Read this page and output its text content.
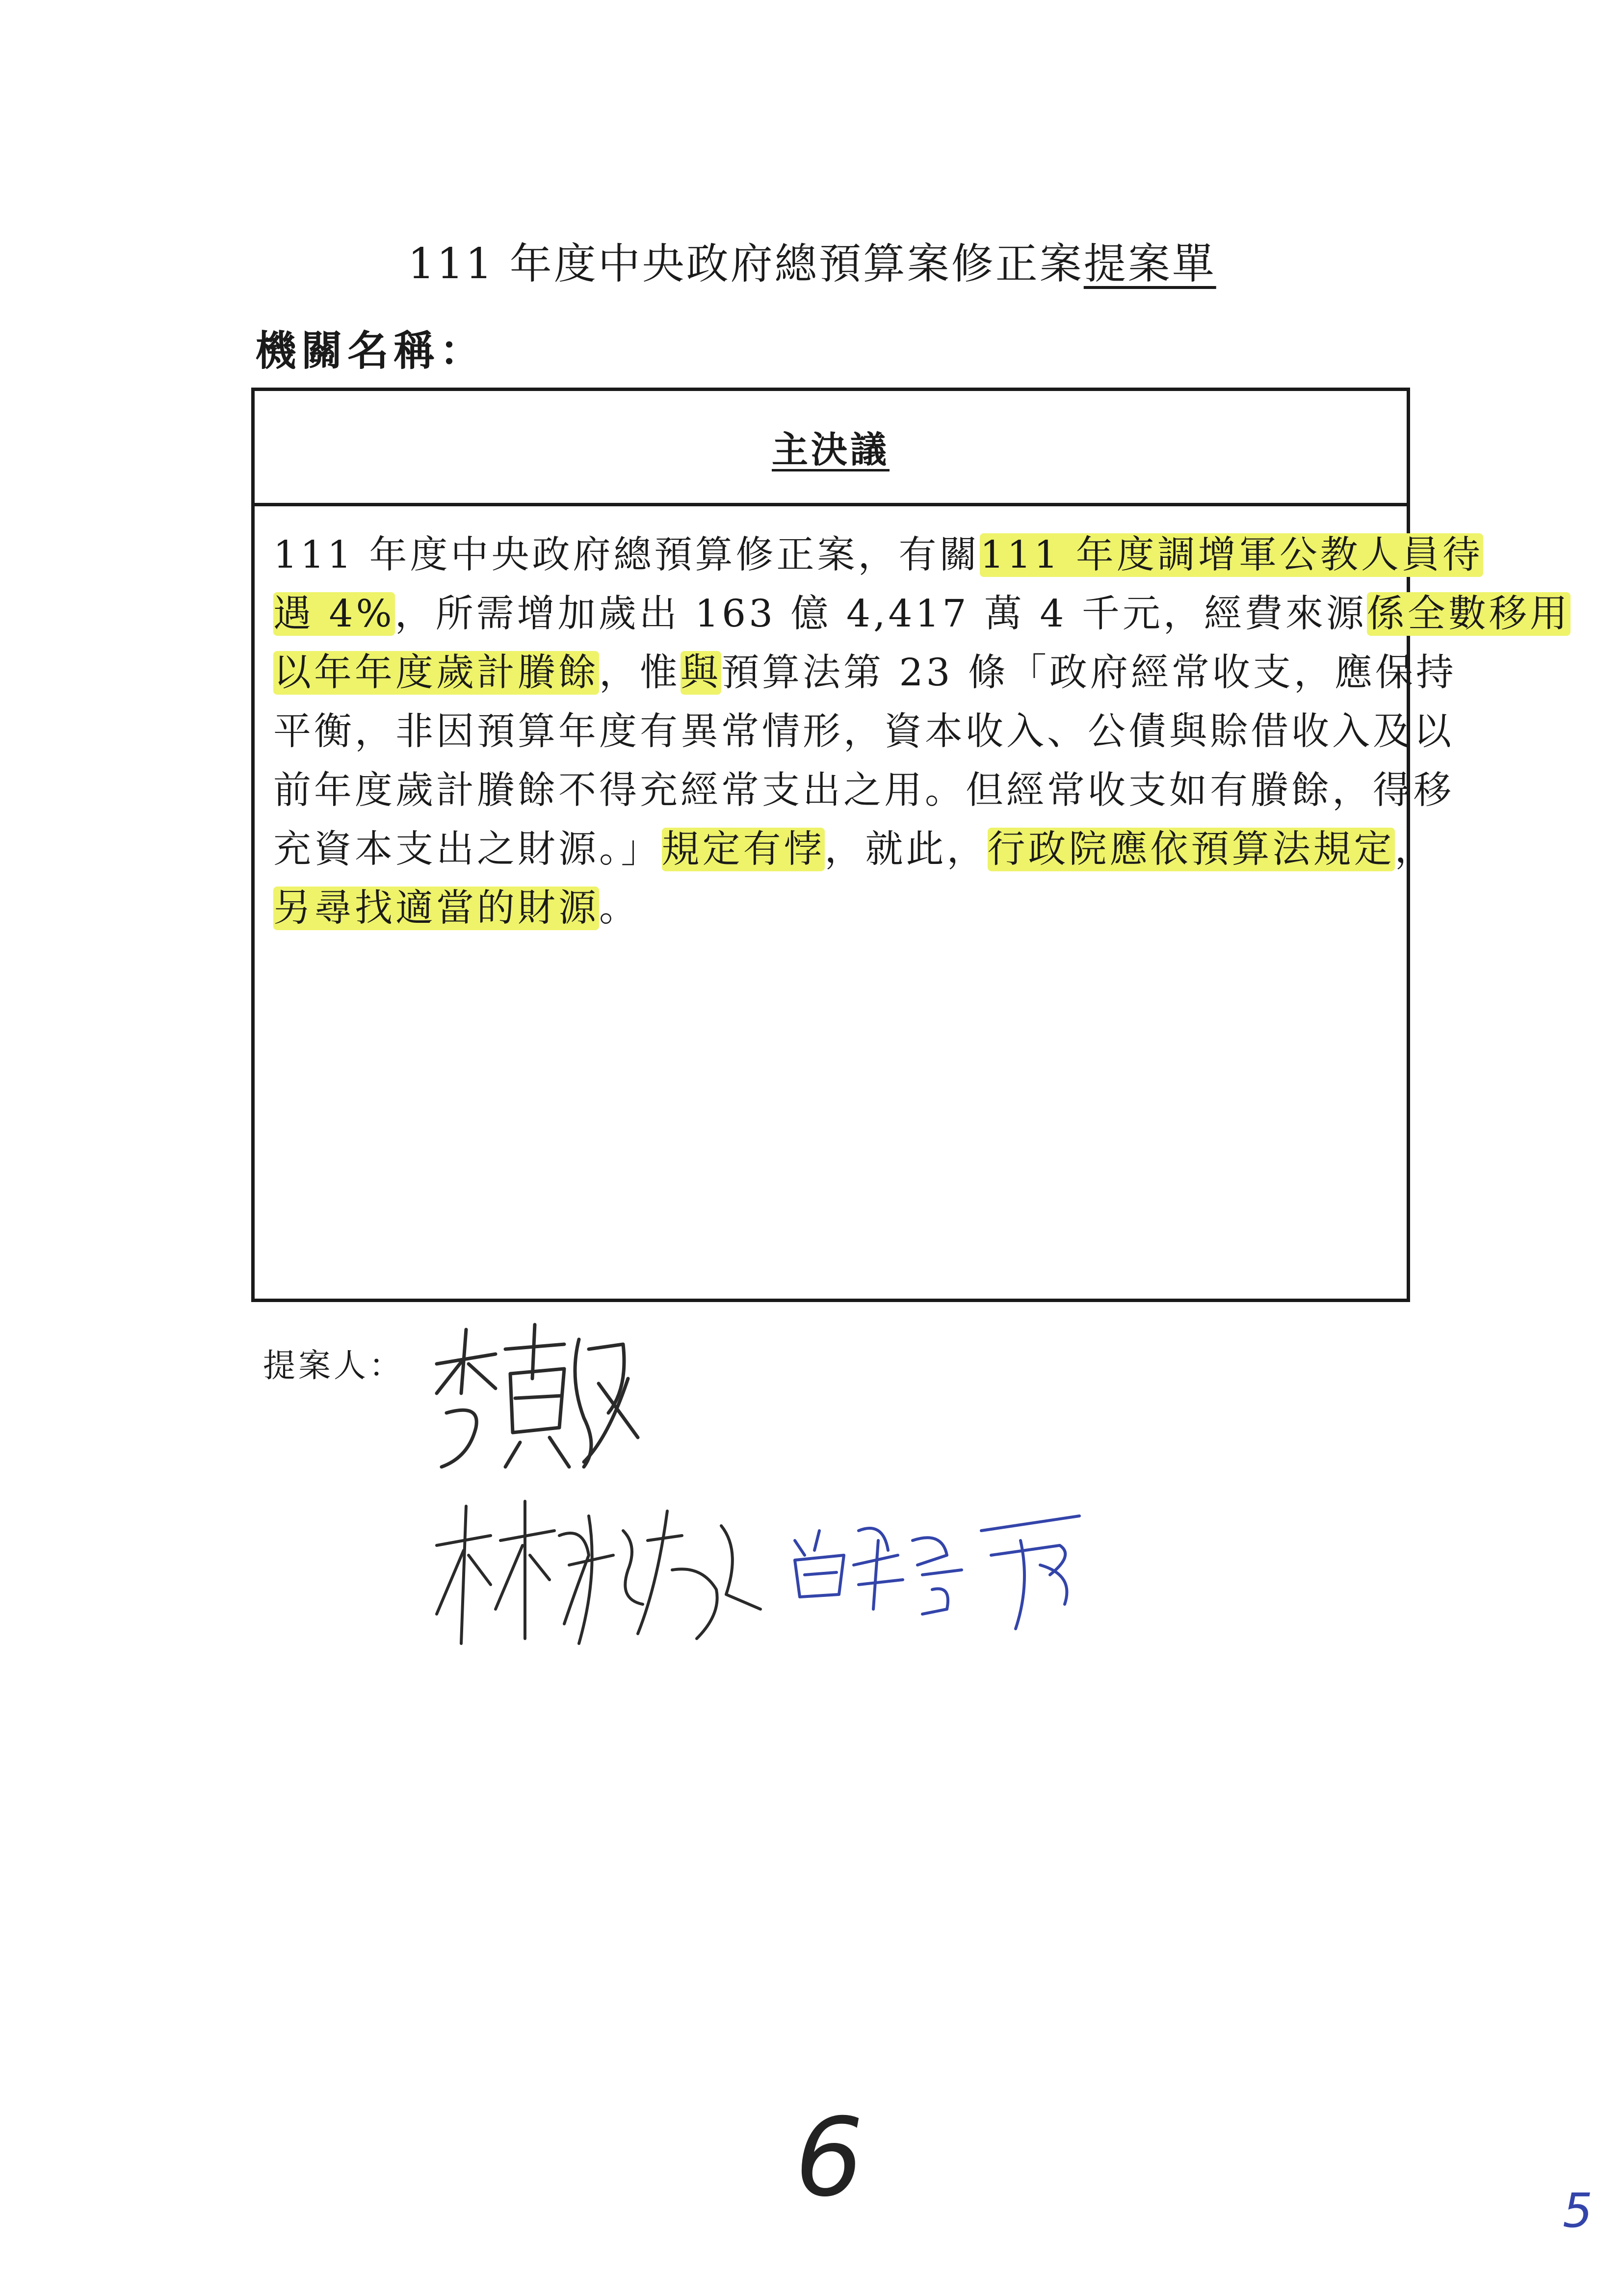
111 年度中央政府總預算案修正案提案單
機關名稱：
主決議
111 年度中央政府總預算修正案，有關111 年度調增軍公教人員待
遇 4%，所需增加歲出 163 億 4,417 萬 4 千元，經費來源係全數移用
以年年度歲計賸餘，惟與預算法第 23 條「政府經常收支，應保持
平衡，非因預算年度有異常情形，資本收入、公債與賒借收入及以
前年度歲計賸餘不得充經常支出之用。但經常收支如有賸餘，得移
充資本支出之財源。」規定有悖，就此，行政院應依預算法規定，
另尋找適當的財源。
提案人：
6	5
